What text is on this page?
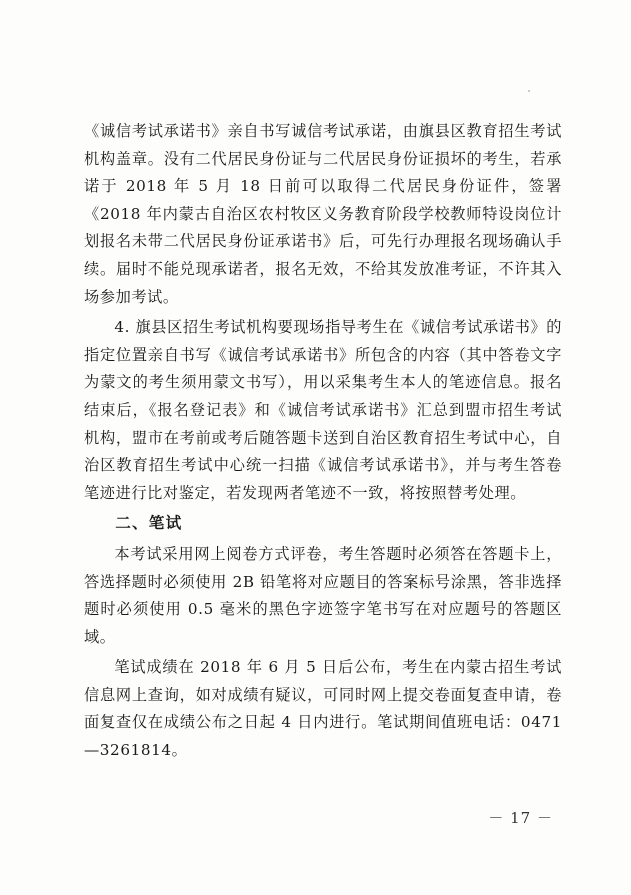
《诚信考试承诺书》亲自书写诚信考试承诺，由旗县区教育招生考试机构盖章。没有二代居民身份证与二代居民身份证损坏的考生，若承诺于 2018 年 5 月 18 日前可以取得二代居民身份证件，签署《2018 年内蒙古自治区农村牧区义务教育阶段学校教师特设岗位计划报名未带二代居民身份证承诺书》后，可先行办理报名现场确认手续。届时不能兑现承诺者，报名无效，不给其发放准考证，不许其入场参加考试。

4. 旗县区招生考试机构要现场指导考生在《诚信考试承诺书》的指定位置亲自书写《诚信考试承诺书》所包含的内容（其中答卷文字为蒙文的考生须用蒙文书写），用以采集考生本人的笔迹信息。报名结束后，《报名登记表》和《诚信考试承诺书》汇总到盟市招生考试机构，盟市在考前或考后随答题卡送到自治区教育招生考试中心，自治区教育招生考试中心统一扫描《诚信考试承诺书》，并与考生答卷笔迹进行比对鉴定，若发现两者笔迹不一致，将按照替考处理。

二、笔试

本考试采用网上阅卷方式评卷，考生答题时必须答在答题卡上，答选择题时必须使用 2B 铅笔将对应题目的答案标号涂黑，答非选择题时必须使用 0.5 毫米的黑色字迹签字笔书写在对应题号的答题区域。

笔试成绩在 2018 年 6 月 5 日后公布，考生在内蒙古招生考试信息网上查询，如对成绩有疑议，可同时网上提交卷面复查申请，卷面复查仅在成绩公布之日起 4 日内进行。笔试期间值班电话：0471—3261814。

－ 17 －
